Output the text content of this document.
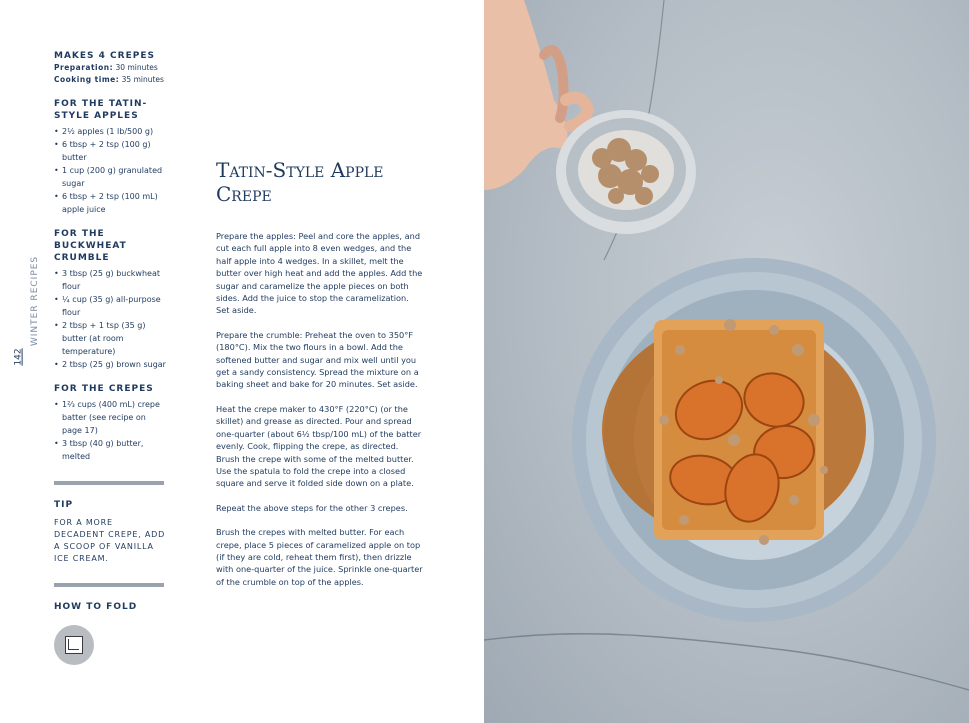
WINTER RECIPES
142
MAKES 4 CREPES
Preparation: 30 minutes
Cooking time: 35 minutes
FOR THE TATIN-STYLE APPLES
• 2½ apples (1 lb/500 g)
• 6 tbsp + 2 tsp (100 g) butter
• 1 cup (200 g) granulated sugar
• 6 tbsp + 2 tsp (100 mL) apple juice
FOR THE BUCKWHEAT CRUMBLE
• 3 tbsp (25 g) buckwheat flour
• ¼ cup (35 g) all-purpose flour
• 2 tbsp + 1 tsp (35 g) butter (at room temperature)
• 2 tbsp (25 g) brown sugar
FOR THE CREPES
• 1⅔ cups (400 mL) crepe batter (see recipe on page 17)
• 3 tbsp (40 g) butter, melted
TIP
FOR A MORE DECADENT CREPE, ADD A SCOOP OF VANILLA ICE CREAM.
HOW TO FOLD
Tatin-Style Apple Crepe

Prepare the apples: Peel and core the apples, and cut each full apple into 8 even wedges, and the half apple into 4 wedges. In a skillet, melt the butter over high heat and add the apples. Add the sugar and caramelize the apple pieces on both sides. Add the juice to stop the caramelization. Set aside.

Prepare the crumble: Preheat the oven to 350°F (180°C). Mix the two flours in a bowl. Add the softened butter and sugar and mix well until you get a sandy consistency. Spread the mixture on a baking sheet and bake for 20 minutes. Set aside.

Heat the crepe maker to 430°F (220°C) (or the skillet) and grease as directed. Pour and spread one-quarter (about 6½ tbsp/100 mL) of the batter evenly. Cook, flipping the crepe, as directed. Brush the crepe with some of the melted butter. Use the spatula to fold the crepe into a closed square and serve it folded side down on a plate.

Repeat the above steps for the other 3 crepes.

Brush the crepes with melted butter. For each crepe, place 5 pieces of caramelized apple on top (if they are cold, reheat them first), then drizzle with one-quarter of the juice. Sprinkle one-quarter of the crumble on top of the apples.
